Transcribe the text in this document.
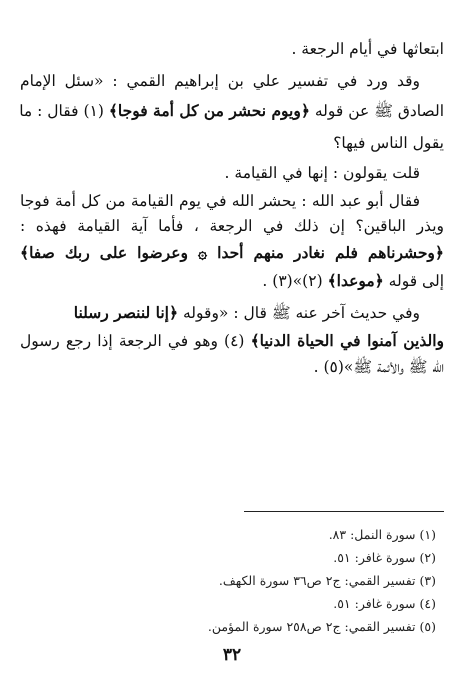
ابتعاثها في أيام الرجعة .
وقد ورد في تفسير علي بن إبراهيم القمي : «سئل الإمام
الصادق ﷺ عن قوله ﴿ويوم نحشر من كل أمة فوجا﴾ (١) فقال : ما
يقول الناس فيها؟
قلت يقولون : إنها في القيامة .
فقال أبو عبد الله : يحشر الله في يوم القيامة من كل أمة فوجا
ويذر الباقين؟ إن ذلك في الرجعة ، فأما آية القيامة فهذه :
﴿وحشرناهم فلم نغادر منهم أحدا ۞ وعرضوا على ربك صفا﴾
إلى قوله ﴿موعدا﴾ (٢)»(٣) .
وفي حديث آخر عنه ﷺ قال : «وقوله ﴿إنا لننصر رسلنا
والذين آمنوا في الحياة الدنيا﴾ (٤) وهو في الرجعة إذا رجع رسول
الله ﷺ والأئمة ﷺ»(٥) .
(١) سورة النمل: ٨٣.
(٢) سورة غافر: ٥١.
(٣) تفسير القمي: ج٢ ص٣٦ سورة الكهف.
(٤) سورة غافر: ٥١.
(٥) تفسير القمي: ج٢ ص٢٥٨ سورة المؤمن.
٣٢
